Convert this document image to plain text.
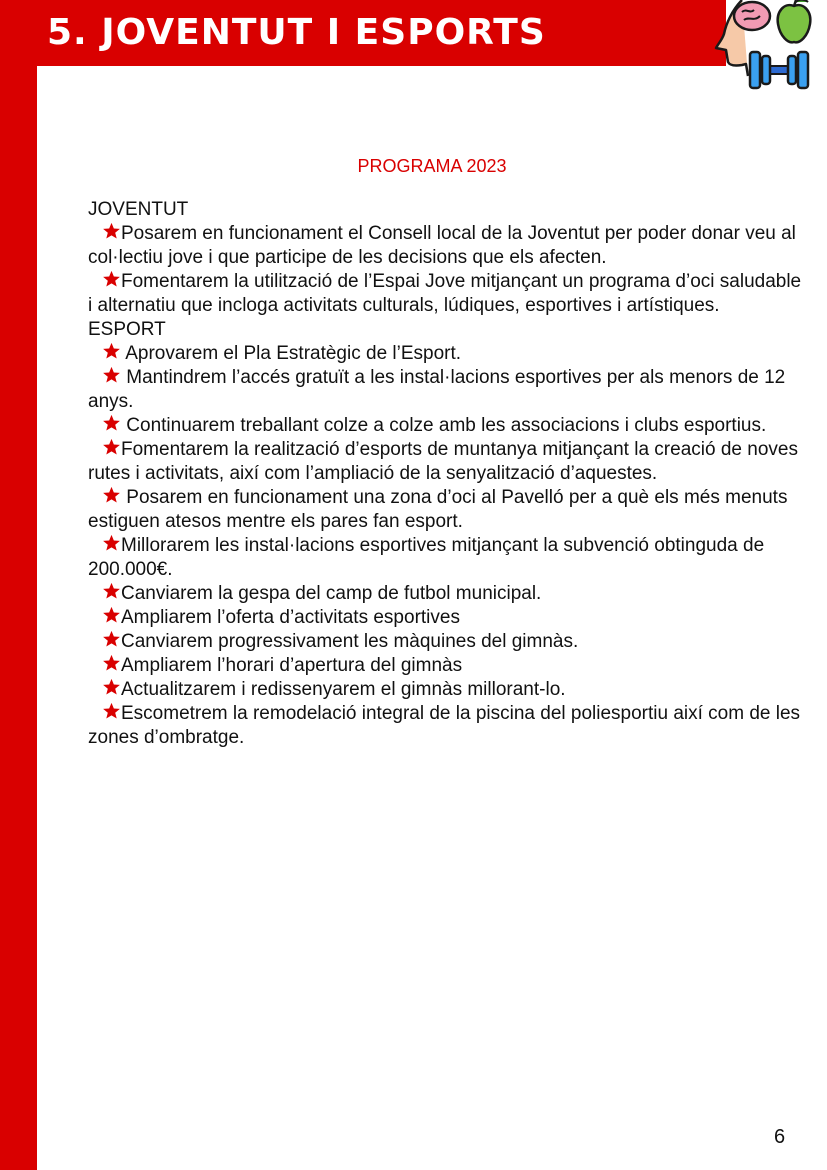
5. JOVENTUT I ESPORTS
PROGRAMA 2023
JOVENTUT
Posarem en funcionament el Consell local de la Joventut per poder donar veu al col·lectiu jove i que participe de les decisions que els afecten.
Fomentarem la utilització de l’Espai Jove mitjançant un programa d’oci saludable i alternatiu que incloga activitats culturals, lúdiques, esportives i artístiques.
ESPORT
Aprovarem el Pla Estratègic de l’Esport.
Mantindrem l’accés gratuït a les instal·lacions esportives per als menors de 12 anys.
Continuarem treballant colze a colze amb les associacions i clubs esportius.
Fomentarem la realització d’esports de muntanya mitjançant la creació de noves rutes i activitats, així com l’ampliació de la senyalització d’aquestes.
Posarem en funcionament una zona d’oci al Pavelló per a què els més menuts estiguen atesos mentre els pares fan esport.
Millorarem les instal·lacions esportives mitjançant la subvenció obtinguda de 200.000€.
Canviarem la gespa del camp de futbol municipal.
Ampliarem l’oferta d’activitats esportives
Canviarem progressivament les màquines del gimnàs.
Ampliarem l’horari d’apertura del gimnàs
Actualitzarem i redissenyarem el gimnàs millorant-lo.
Escometrem la remodelació integral de la piscina del poliesportiu així com de les zones d’ombratge.
6
